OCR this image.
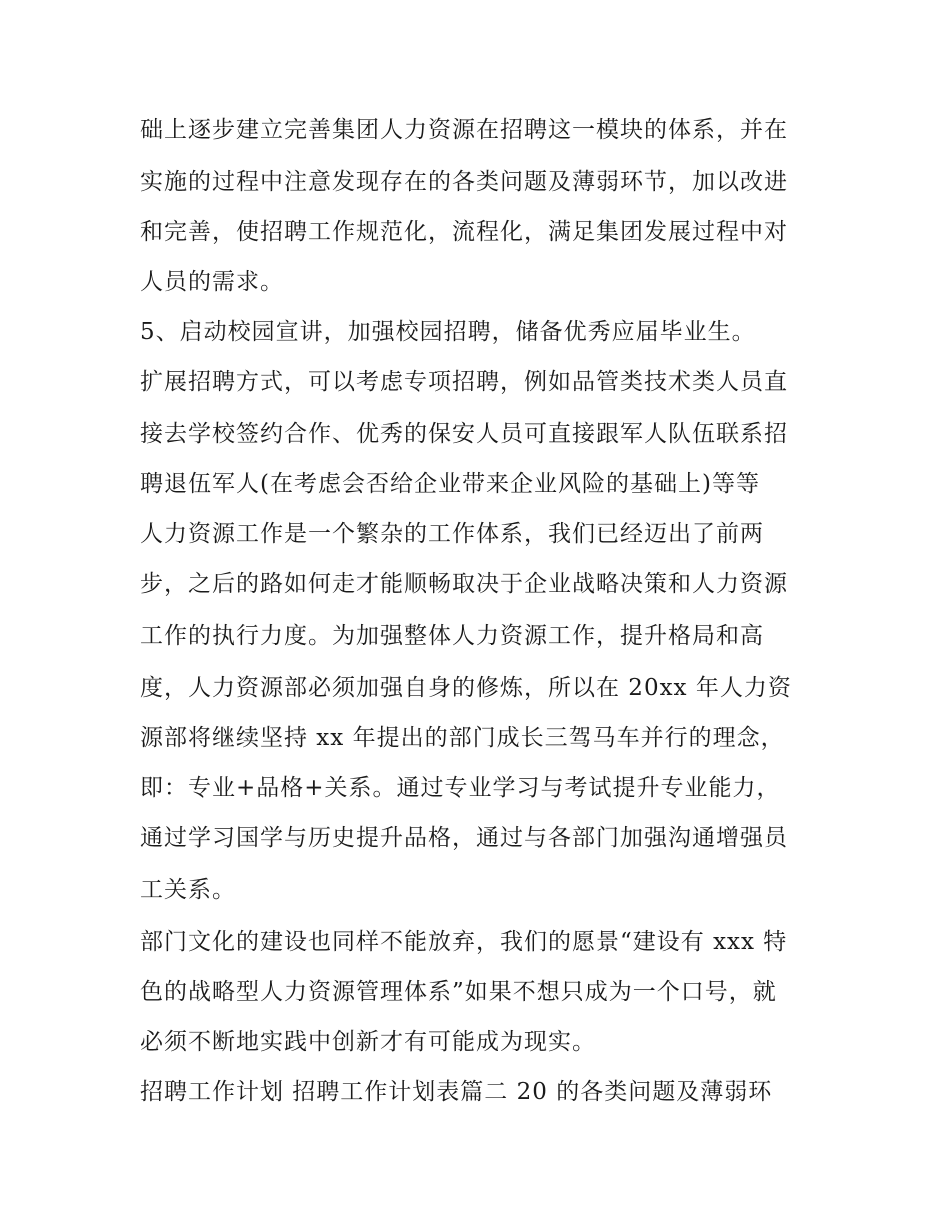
础上逐步建立完善集团人力资源在招聘这一模块的体系，并在

实施的过程中注意发现存在的各类问题及薄弱环节，加以改进

和完善，使招聘工作规范化，流程化，满足集团发展过程中对

人员的需求。

5、启动校园宣讲，加强校园招聘，储备优秀应届毕业生。

扩展招聘方式，可以考虑专项招聘，例如品管类技术类人员直

接去学校签约合作、优秀的保安人员可直接跟军人队伍联系招

聘退伍军人(在考虑会否给企业带来企业风险的基础上)等等

人力资源工作是一个繁杂的工作体系，我们已经迈出了前两

步，之后的路如何走才能顺畅取决于企业战略决策和人力资源

工作的执行力度。为加强整体人力资源工作，提升格局和高

度，人力资源部必须加强自身的修炼，所以在 20xx 年人力资

源部将继续坚持 xx 年提出的部门成长三驾马车并行的理念，

即：专业+品格+关系。通过专业学习与考试提升专业能力，

通过学习国学与历史提升品格，通过与各部门加强沟通增强员

工关系。

部门文化的建设也同样不能放弃，我们的愿景“建设有 xxx 特

色的战略型人力资源管理体系”如果不想只成为一个口号，就

必须不断地实践中创新才有可能成为现实。

招聘工作计划 招聘工作计划表篇二 20 的各类问题及薄弱环
